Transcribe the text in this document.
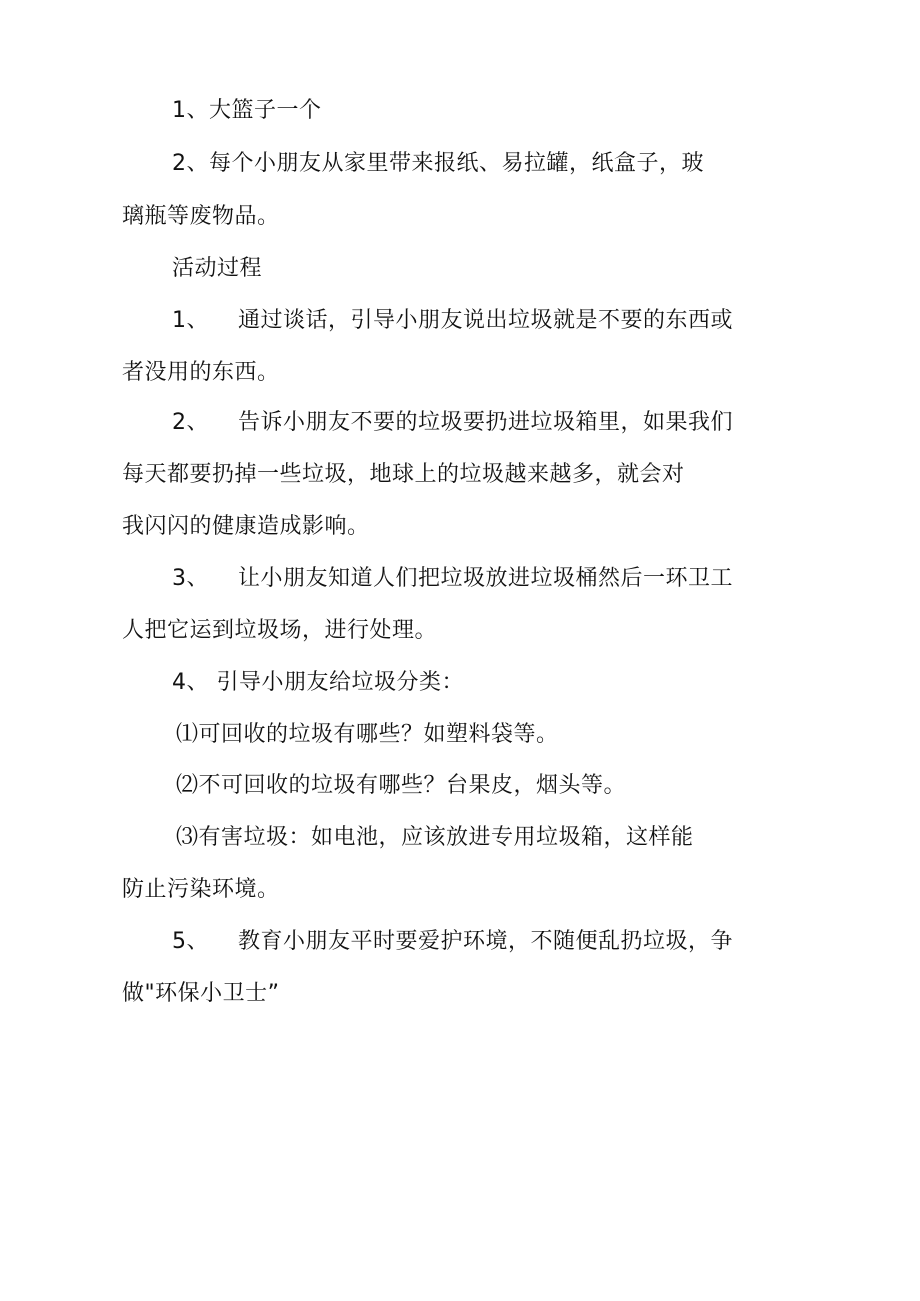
1、大篮子一个
2、每个小朋友从家里带来报纸、易拉罐，纸盒子，玻
璃瓶等废物品。
活动过程
1、 通过谈话，引导小朋友说出垃圾就是不要的东西或
者没用的东西。
2、 告诉小朋友不要的垃圾要扔进垃圾箱里，如果我们
每天都要扔掉一些垃圾，地球上的垃圾越来越多，就会对
我闪闪的健康造成影响。
3、 让小朋友知道人们把垃圾放进垃圾桶然后一环卫工
人把它运到垃圾场，进行处理。
4、 引导小朋友给垃圾分类：
⑴可回收的垃圾有哪些？如塑料袋等。
⑵不可回收的垃圾有哪些？台果皮，烟头等。
⑶有害垃圾：如电池，应该放进专用垃圾箱，这样能
防止污染环境。
5、 教育小朋友平时要爱护环境，不随便乱扔垃圾，争
做"环保小卫士”
